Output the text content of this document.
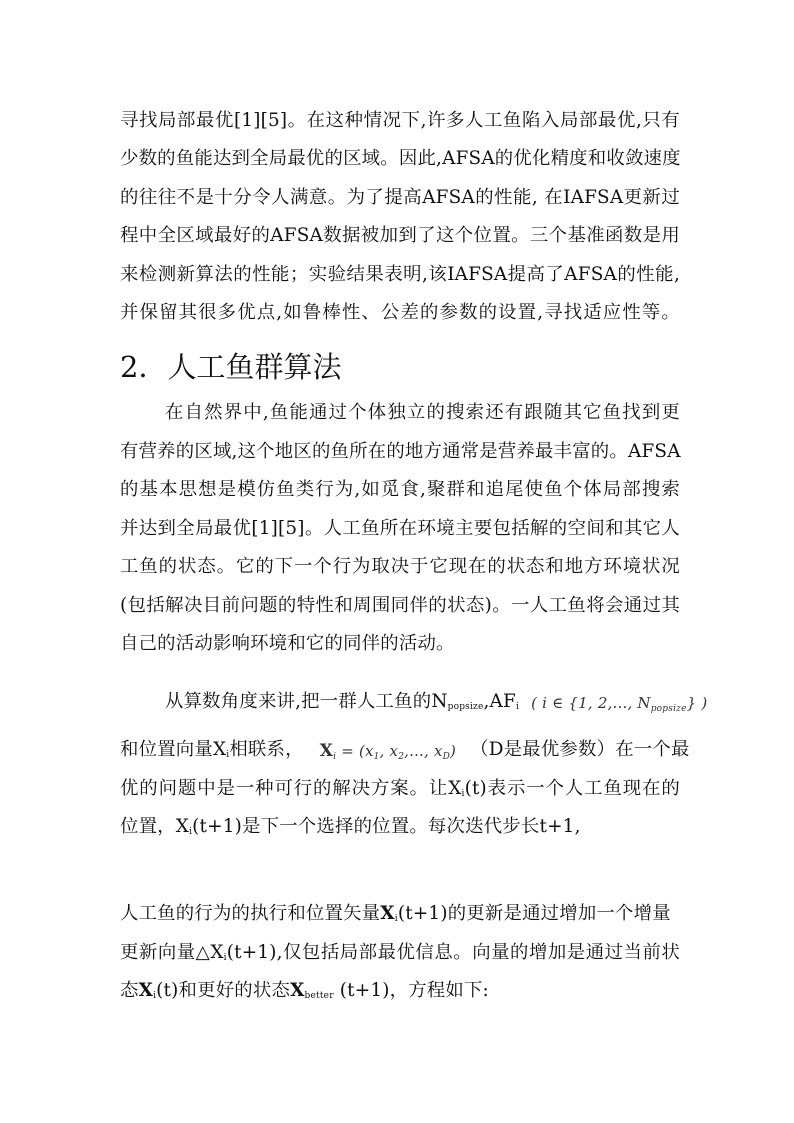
寻找局部最优[1][5]。在这种情况下,许多人工鱼陷入局部最优,只有
少数的鱼能达到全局最优的区域。因此,AFSA的优化精度和收敛速度
的往往不是十分令人满意。为了提高AFSA的性能, 在IAFSA更新过
程中全区域最好的AFSA数据被加到了这个位置。三个基准函数是用
来检测新算法的性能；实验结果表明,该IAFSA提高了AFSA的性能,
并保留其很多优点,如鲁棒性、公差的参数的设置,寻找适应性等。
2．人工鱼群算法
在自然界中,鱼能通过个体独立的搜索还有跟随其它鱼找到更
有营养的区域,这个地区的鱼所在的地方通常是营养最丰富的。AFSA
的基本思想是模仿鱼类行为,如觅食,聚群和追尾使鱼个体局部搜索
并达到全局最优[1][5]。人工鱼所在环境主要包括解的空间和其它人
工鱼的状态。它的下一个行为取决于它现在的状态和地方环境状况
(包括解决目前问题的特性和周围同伴的状态)。一人工鱼将会通过其
自己的活动影响环境和它的同伴的活动。
从算数角度来讲,把一群人工鱼的$N_{popsize},AF_i$ ( i ∈ {1, 2,..., $N_{popsize}$} )
和位置向量$X_i$相联系， $X_i = (x_1$, $x_2$,..., $x_D$) （D是最优参数）在一个最
优的问题中是一种可行的解决方案。让$X_i(t)$表示一个人工鱼现在的
位置，$X_i(t+1)$是下一个选择的位置。每次迭代步长t+1,
人工鱼的行为的执行和位置矢量$X_i(t+1)$的更新是通过增加一个增量
更新向量$\triangle X_i(t+1)$,仅包括局部最优信息。向量的增加是通过当前状
态$X_i(t)$和更好的状态$X_{better}$ (t+1)，方程如下:
